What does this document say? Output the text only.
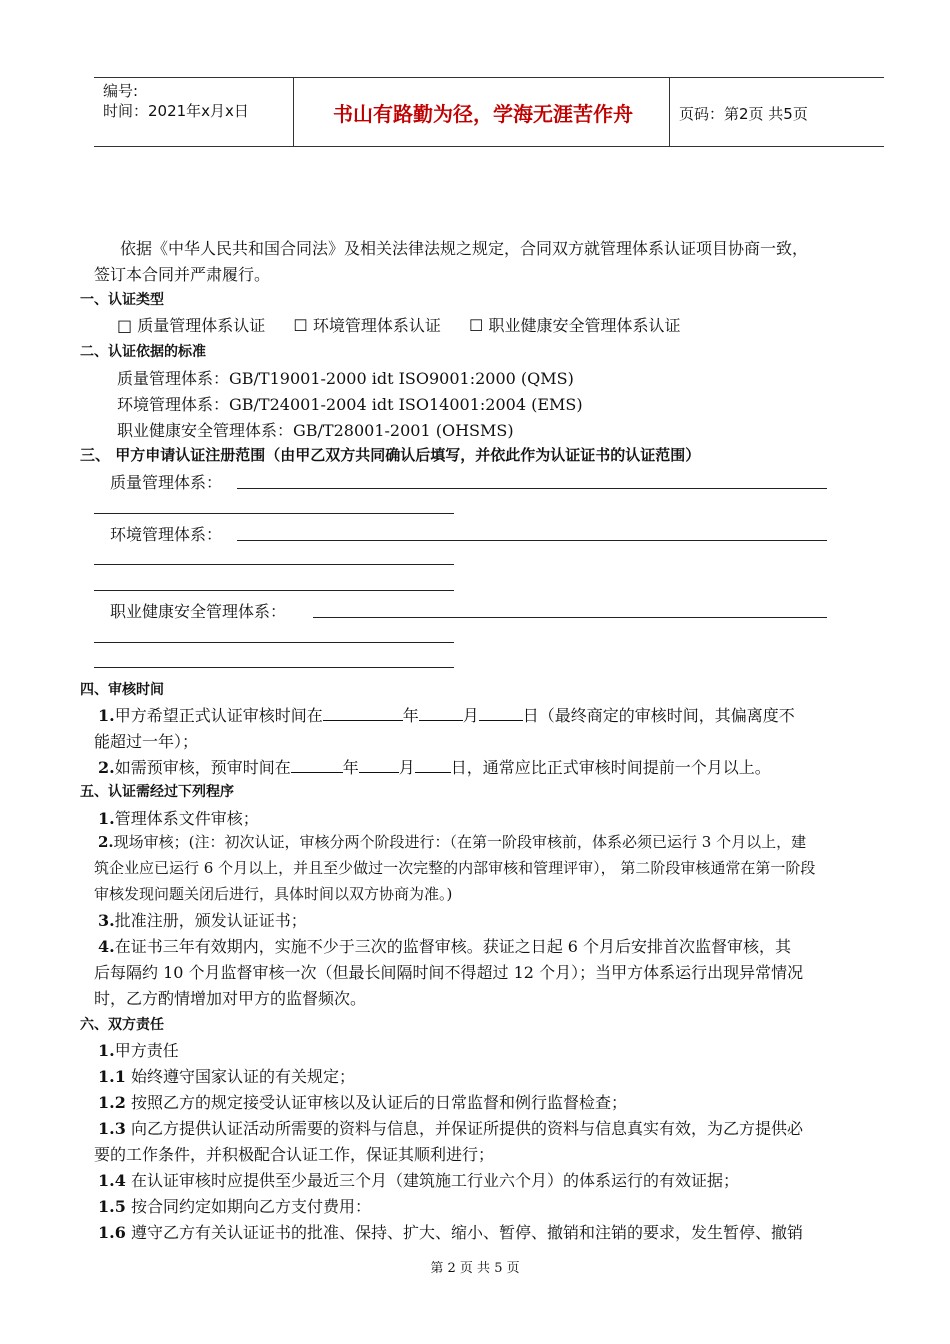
编号:
时间：2021年x月x日	书山有路勤为径，学海无涯苦作舟	页码：第2页 共5页
依据《中华人民共和国合同法》及相关法律法规之规定，合同双方就管理体系认证项目协商一致，
签订本合同并严肃履行。
一、认证类型
□ 质量管理体系认证 ☐ 环境管理体系认证 ☐ 职业健康安全管理体系认证
二、认证依据的标准
质量管理体系：GB/T19001-2000 idt ISO9001:2000 (QMS)
环境管理体系：GB/T24001-2004 idt ISO14001:2004 (EMS)
职业健康安全管理体系：GB/T28001-2001 (OHSMS)
三、 甲方申请认证注册范围（由甲乙双方共同确认后填写，并依此作为认证证书的认证范围）
质量管理体系：
环境管理体系：
职业健康安全管理体系：
四、审核时间
1.甲方希望正式认证审核时间在	年	月	日（最终商定的审核时间，其偏离度不
能超过一年）；
2.如需预审核，预审时间在	年	月 日，通常应比正式审核时间提前一个月以上。
五、认证需经过下列程序
1.管理体系文件审核；
2.现场审核；(注：初次认证，审核分两个阶段进行：（在第一阶段审核前，体系必须已运行 3 个月以上，建
筑企业应已运行 6 个月以上，并且至少做过一次完整的内部审核和管理评审）， 第二阶段审核通常在第一阶段
审核发现问题关闭后进行，具体时间以双方协商为准。)
3.批准注册，颁发认证证书；
4.在证书三年有效期内，实施不少于三次的监督审核。获证之日起 6 个月后安排首次监督审核，其
后每隔约 10 个月监督审核一次（但最长间隔时间不得超过 12 个月）；当甲方体系运行出现异常情况
时，乙方酌情增加对甲方的监督频次。
六、双方责任
1.甲方责任
1.1 始终遵守国家认证的有关规定；
1.2 按照乙方的规定接受认证审核以及认证后的日常监督和例行监督检查；
1.3 向乙方提供认证活动所需要的资料与信息，并保证所提供的资料与信息真实有效，为乙方提供必
要的工作条件，并积极配合认证工作，保证其顺利进行；
1.4 在认证审核时应提供至少最近三个月（建筑施工行业六个月）的体系运行的有效证据；
1.5 按合同约定如期向乙方支付费用：
1.6 遵守乙方有关认证证书的批准、保持、扩大、缩小、暂停、撤销和注销的要求，发生暂停、撤销
第 2 页 共 5 页
